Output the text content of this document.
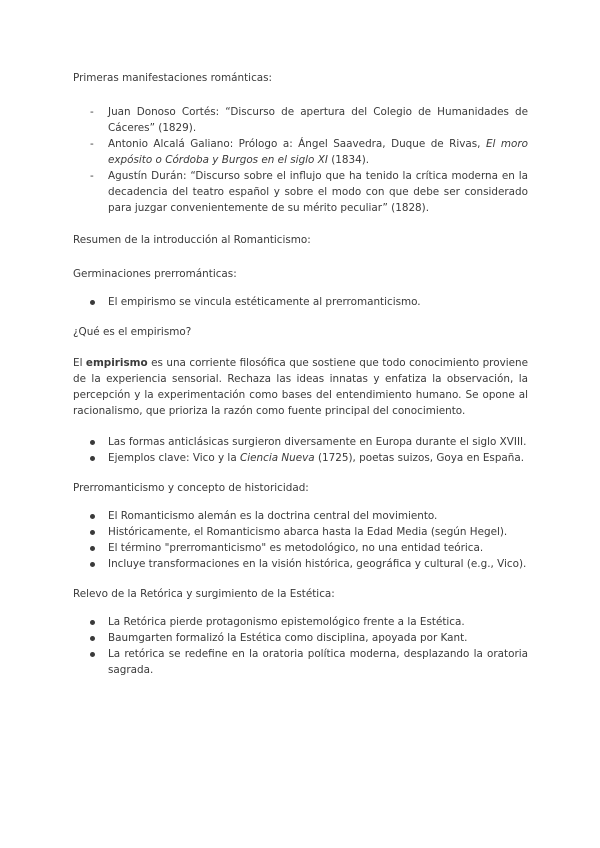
Primeras manifestaciones románticas:

- Juan Donoso Cortés: “Discurso de apertura del Colegio de Humanidades de Cáceres” (1829).
- Antonio Alcalá Galiano: Prólogo a: Ángel Saavedra, Duque de Rivas, El moro expósito o Córdoba y Burgos en el siglo XI (1834).
- Agustín Durán: “Discurso sobre el influjo que ha tenido la crítica moderna en la decadencia del teatro español y sobre el modo con que debe ser considerado para juzgar convenientemente de su mérito peculiar” (1828).

Resumen de la introducción al Romanticismo:

Germinaciones prerrománticas:

El empirismo se vincula estéticamente al prerromanticismo.

¿Qué es el empirismo?

El empirismo es una corriente filosófica que sostiene que todo conocimiento proviene de la experiencia sensorial. Rechaza las ideas innatas y enfatiza la observación, la percepción y la experimentación como bases del entendimiento humano. Se opone al racionalismo, que prioriza la razón como fuente principal del conocimiento.

Las formas anticlásicas surgieron diversamente en Europa durante el siglo XVIII.
Ejemplos clave: Vico y la Ciencia Nueva (1725), poetas suizos, Goya en España.

Prerromanticismo y concepto de historicidad:

El Romanticismo alemán es la doctrina central del movimiento.
Históricamente, el Romanticismo abarca hasta la Edad Media (según Hegel).
El término "prerromanticismo" es metodológico, no una entidad teórica.
Incluye transformaciones en la visión histórica, geográfica y cultural (e.g., Vico).

Relevo de la Retórica y surgimiento de la Estética:

La Retórica pierde protagonismo epistemológico frente a la Estética.
Baumgarten formalizó la Estética como disciplina, apoyada por Kant.
La retórica se redefine en la oratoria política moderna, desplazando la oratoria sagrada.
